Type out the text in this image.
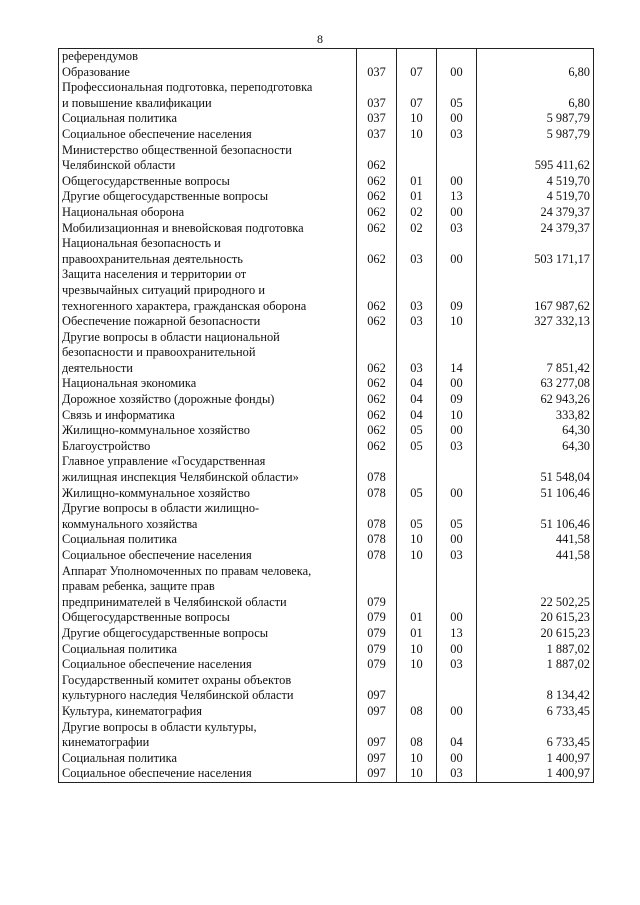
8
референдумов				
Образование	037	07	00	6,80
Профессиональная подготовка, переподготовка
и повышение квалификации	037	07	05	6,80
Социальная политика	037	10	00	5 987,79
Социальное обеспечение населения	037	10	03	5 987,79
Министерство общественной безопасности
Челябинской области	062			595 411,62
Общегосударственные вопросы	062	01	00	4 519,70
Другие общегосударственные вопросы	062	01	13	4 519,70
Национальная оборона	062	02	00	24 379,37
Мобилизационная и вневойсковая подготовка	062	02	03	24 379,37
Национальная безопасность и
правоохранительная деятельность	062	03	00	503 171,17
Защита населения и территории от
чрезвычайных ситуаций природного и
техногенного характера, гражданская оборона	062	03	09	167 987,62
Обеспечение пожарной безопасности	062	03	10	327 332,13
Другие вопросы в области национальной
безопасности и правоохранительной
деятельности	062	03	14	7 851,42
Национальная экономика	062	04	00	63 277,08
Дорожное хозяйство (дорожные фонды)	062	04	09	62 943,26
Связь и информатика	062	04	10	333,82
Жилищно-коммунальное хозяйство	062	05	00	64,30
Благоустройство	062	05	03	64,30
Главное управление «Государственная
жилищная инспекция Челябинской области»	078			51 548,04
Жилищно-коммунальное хозяйство	078	05	00	51 106,46
Другие вопросы в области жилищно-
коммунального хозяйства	078	05	05	51 106,46
Социальная политика	078	10	00	441,58
Социальное обеспечение населения	078	10	03	441,58
Аппарат Уполномоченных по правам человека,
правам ребенка, защите прав
предпринимателей в Челябинской области	079			22 502,25
Общегосударственные вопросы	079	01	00	20 615,23
Другие общегосударственные вопросы	079	01	13	20 615,23
Социальная политика	079	10	00	1 887,02
Социальное обеспечение населения	079	10	03	1 887,02
Государственный комитет охраны объектов
культурного наследия Челябинской области	097			8 134,42
Культура, кинематография	097	08	00	6 733,45
Другие вопросы в области культуры,
кинематографии	097	08	04	6 733,45
Социальная политика	097	10	00	1 400,97
Социальное обеспечение населения	097	10	03	1 400,97
